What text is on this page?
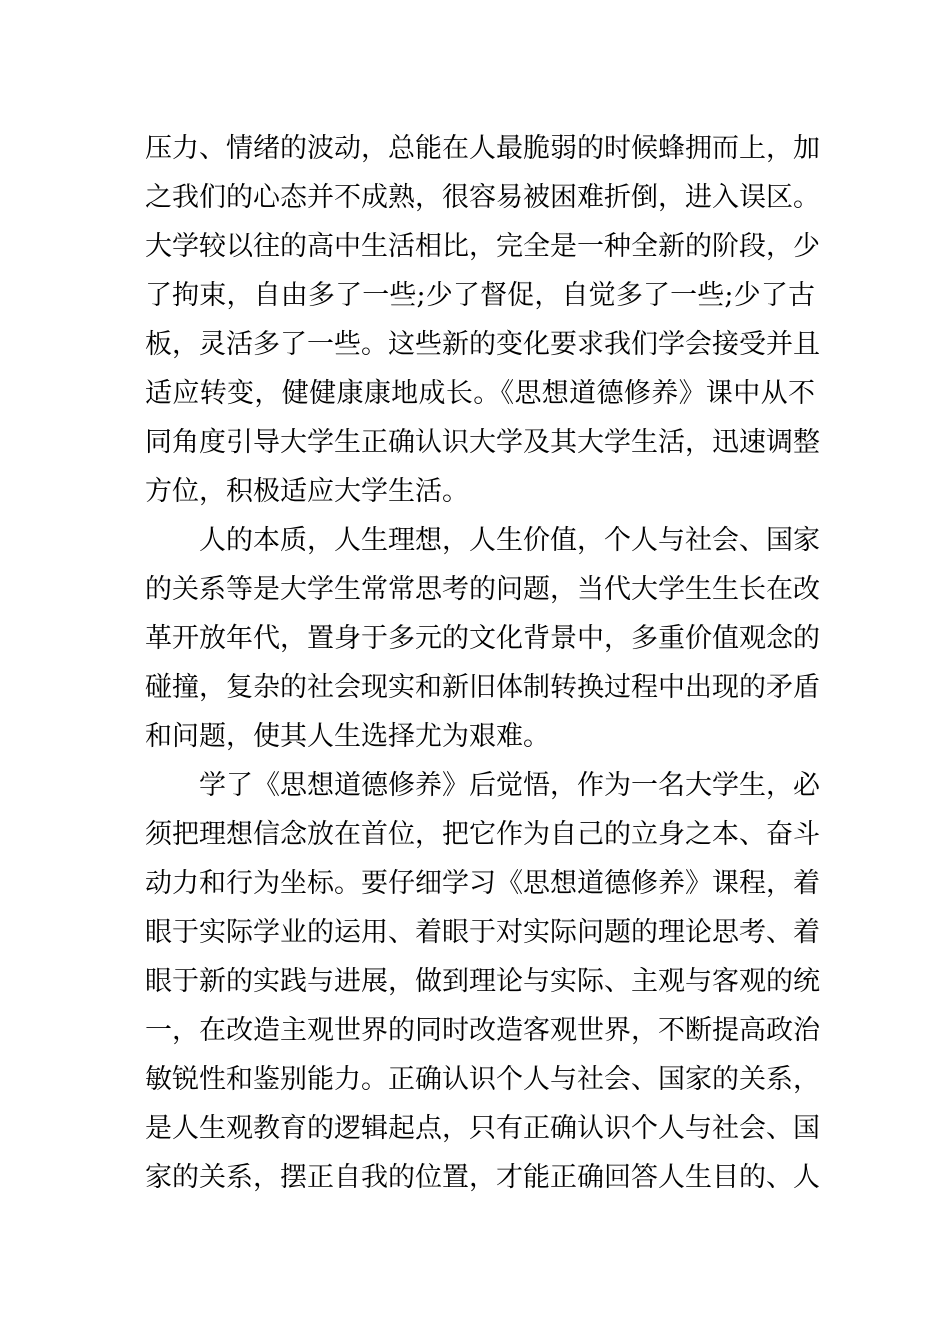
压力、情绪的波动，总能在人最脆弱的时候蜂拥而上，加
之我们的心态并不成熟，很容易被困难折倒，进入误区。
大学较以往的高中生活相比，完全是一种全新的阶段，少
了拘束，自由多了一些;少了督促，自觉多了一些;少了古
板，灵活多了一些。这些新的变化要求我们学会接受并且
适应转变，健健康康地成长。《思想道德修养》课中从不
同角度引导大学生正确认识大学及其大学生活，迅速调整
方位，积极适应大学生活。
人的本质，人生理想，人生价值，个人与社会、国家
的关系等是大学生常常思考的问题，当代大学生生长在改
革开放年代，置身于多元的文化背景中，多重价值观念的
碰撞，复杂的社会现实和新旧体制转换过程中出现的矛盾
和问题，使其人生选择尤为艰难。
学了《思想道德修养》后觉悟，作为一名大学生，必
须把理想信念放在首位，把它作为自己的立身之本、奋斗
动力和行为坐标。要仔细学习《思想道德修养》课程，着
眼于实际学业的运用、着眼于对实际问题的理论思考、着
眼于新的实践与进展，做到理论与实际、主观与客观的统
一，在改造主观世界的同时改造客观世界，不断提高政治
敏锐性和鉴别能力。正确认识个人与社会、国家的关系，
是人生观教育的逻辑起点，只有正确认识个人与社会、国
家的关系，摆正自我的位置，才能正确回答人生目的、人
